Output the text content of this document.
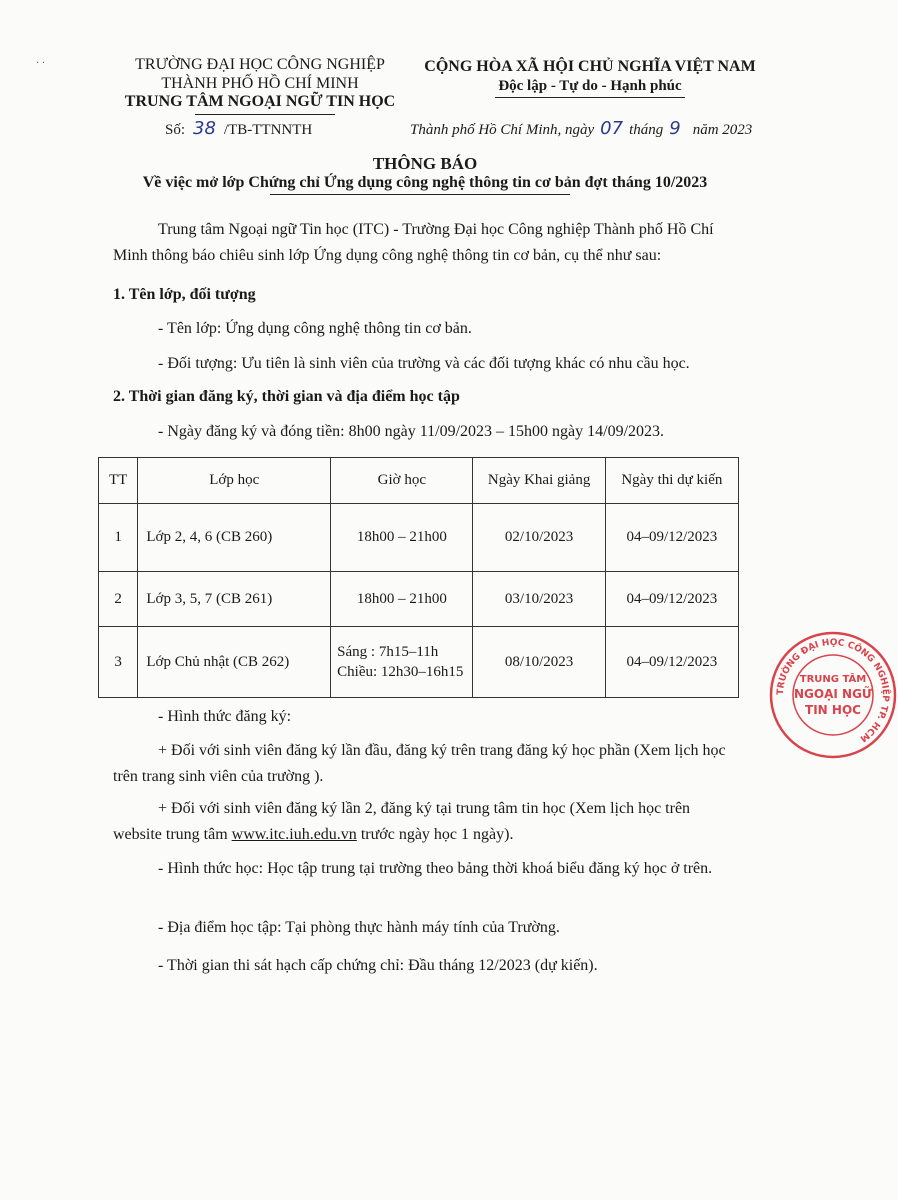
· ·	TRƯỜNG ĐẠI HỌC CÔNG NGHIỆP
THÀNH PHỐ HỒ CHÍ MINH
TRUNG TÂM NGOẠI NGỮ TIN HỌC
CỘNG HÒA XÃ HỘI CHỦ NGHĨA VIỆT NAM
Độc lập - Tự do - Hạnh phúc
Số: 38 /TB-TTNNTH	Thành phố Hồ Chí Minh, ngày 07 tháng 9 năm 2023
THÔNG BÁO
Về việc mở lớp Chứng chỉ Ứng dụng công nghệ thông tin cơ bản đợt tháng 10/2023
Trung tâm Ngoại ngữ Tin học (ITC) - Trường Đại học Công nghiệp Thành phố Hồ Chí Minh thông báo chiêu sinh lớp Ứng dụng công nghệ thông tin cơ bản, cụ thể như sau:
1. Tên lớp, đối tượng
- Tên lớp: Ứng dụng công nghệ thông tin cơ bản.
- Đối tượng: Ưu tiên là sinh viên của trường và các đối tượng khác có nhu cầu học.
2. Thời gian đăng ký, thời gian và địa điểm học tập
- Ngày đăng ký và đóng tiền: 8h00 ngày 11/09/2023 – 15h00 ngày 14/09/2023.
TT	Lớp học	Giờ học	Ngày Khai giảng	Ngày thi dự kiến
1	Lớp 2, 4, 6 (CB 260)	18h00 – 21h00	02/10/2023	04–09/12/2023
2	Lớp 3, 5, 7 (CB 261)	18h00 – 21h00	03/10/2023	04–09/12/2023
3	Lớp Chủ nhật (CB 262)	Sáng : 7h15–11h
Chiều: 12h30–16h15	08/10/2023	04–09/12/2023
- Hình thức đăng ký:
+ Đối với sinh viên đăng ký lần đầu, đăng ký trên trang đăng ký học phần (Xem lịch học trên trang sinh viên của trường ).
+ Đối với sinh viên đăng ký lần 2, đăng ký tại trung tâm tin học (Xem lịch học trên website trung tâm www.itc.iuh.edu.vn trước ngày học 1 ngày).
- Hình thức học: Học tập trung tại trường theo bảng thời khoá biểu đăng ký học ở trên.
- Địa điểm học tập: Tại phòng thực hành máy tính của Trường.
- Thời gian thi sát hạch cấp chứng chỉ: Đầu tháng 12/2023 (dự kiến).
TRƯỜNG ĐẠI HỌC CÔNG NGHIỆP TP. HCM
TRUNG TÂM
NGOẠI NGỮ
TIN HỌC
